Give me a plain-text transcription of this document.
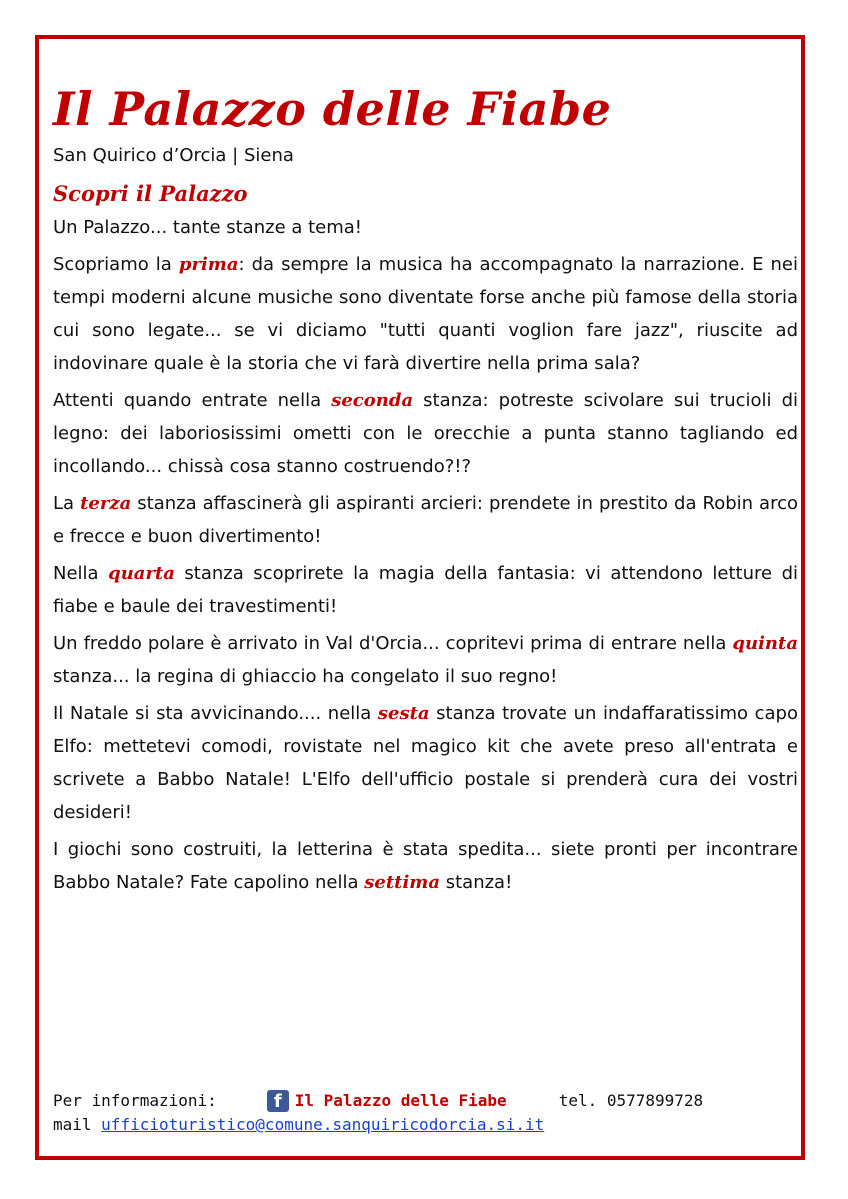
Il Palazzo delle Fiabe
San Quirico d’Orcia | Siena
Scopri il Palazzo

Un Palazzo... tante stanze a tema!

Scopriamo la prima: da sempre la musica ha accompagnato la narrazione. E nei tempi moderni alcune musiche sono diventate forse anche più famose della storia cui sono legate... se vi diciamo "tutti quanti voglion fare jazz", riuscite ad indovinare quale è la storia che vi farà divertire nella prima sala?

Attenti quando entrate nella seconda stanza: potreste scivolare sui trucioli di legno: dei laboriosissimi ometti con le orecchie a punta stanno tagliando ed incollando... chissà cosa stanno costruendo?!?

La terza stanza affascinerà gli aspiranti arcieri: prendete in prestito da Robin arco e frecce e buon divertimento!

Nella quarta stanza scoprirete la magia della fantasia: vi attendono letture di fiabe e baule dei travestimenti!

Un freddo polare è arrivato in Val d'Orcia... copritevi prima di entrare nella quinta stanza... la regina di ghiaccio ha congelato il suo regno!

Il Natale si sta avvicinando.... nella sesta stanza trovate un indaffaratissimo capo Elfo: mettetevi comodi, rovistate nel magico kit che avete preso all'entrata e scrivete a Babbo Natale! L'Elfo dell'ufficio postale si prenderà cura dei vostri desideri!

I giochi sono costruiti, la letterina è stata spedita... siete pronti per incontrare Babbo Natale? Fate capolino nella settima stanza!

Per informazioni:	f Il Palazzo delle Fiabe	tel. 0577899728
mail ufficioturistico@comune.sanquiricodorcia.si.it
